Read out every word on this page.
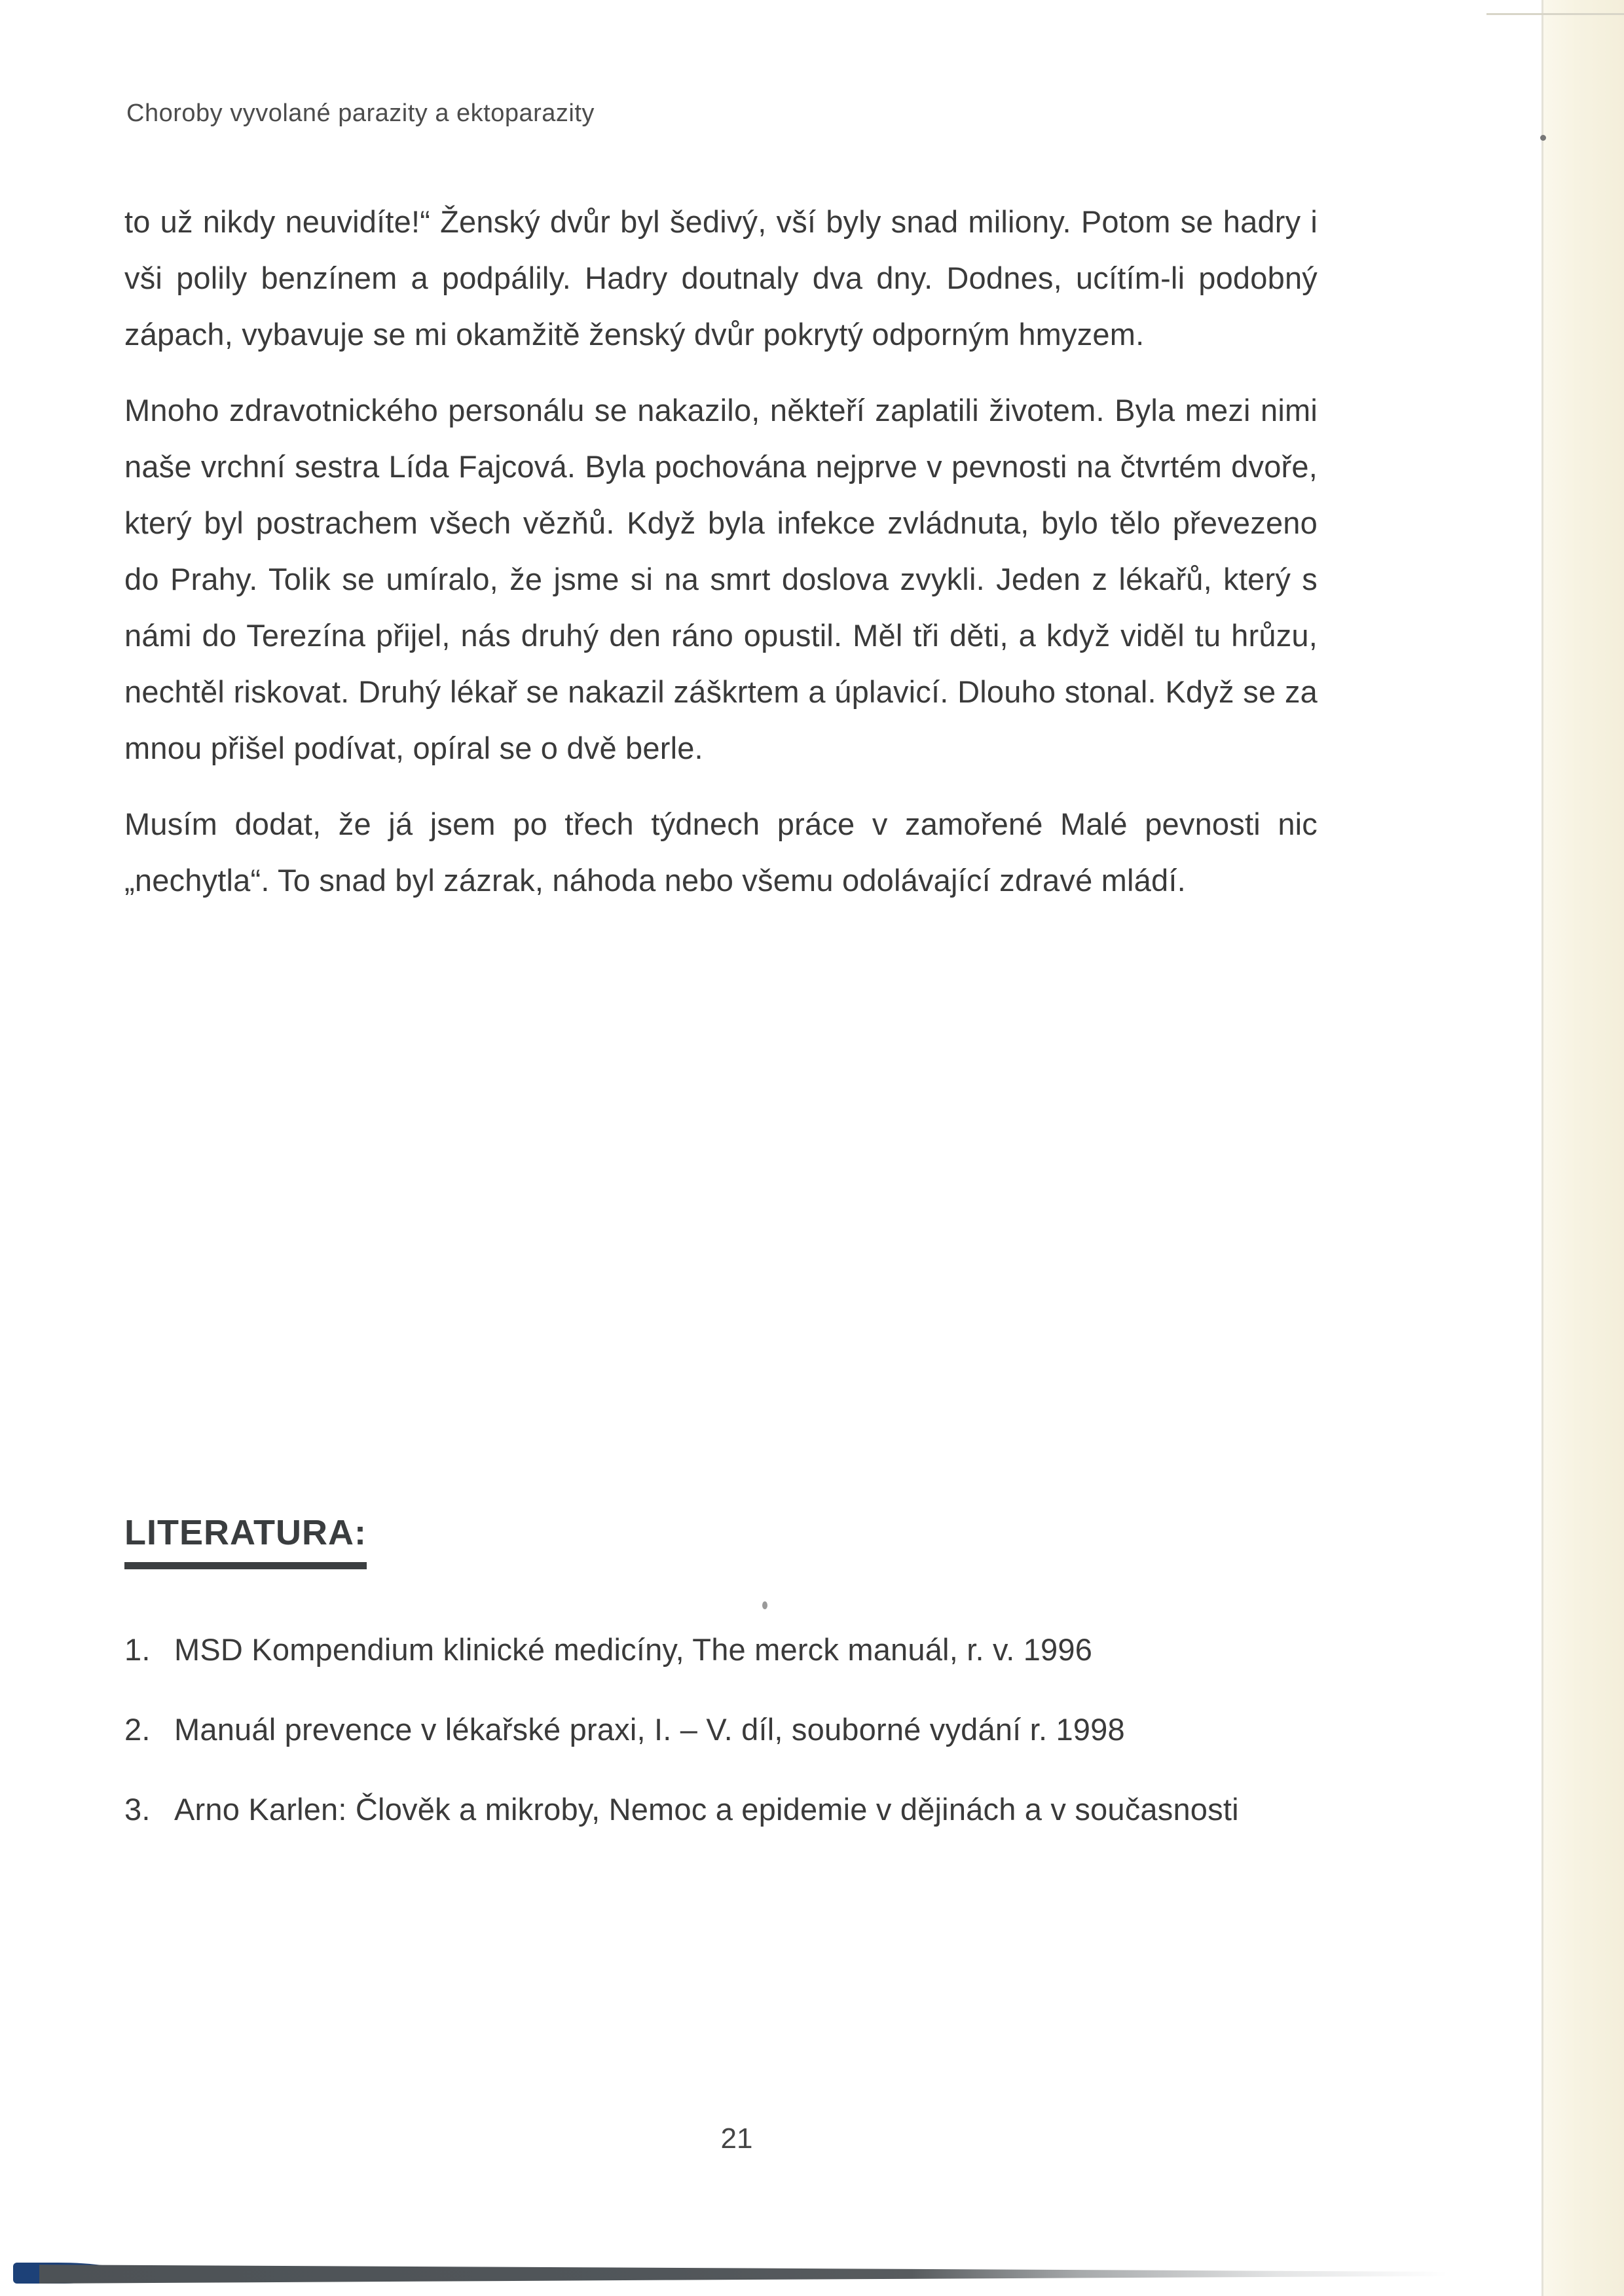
Choroby vyvolané parazity a ektoparazity

to už nikdy neuvidíte!“ Ženský dvůr byl šedivý, vší byly snad miliony. Potom se hadry i vši polily benzínem a podpálily. Hadry doutnaly dva dny. Dodnes, ucítím-li podobný zápach, vybavuje se mi okamžitě ženský dvůr pokrytý odporným hmyzem.

Mnoho zdravotnického personálu se nakazilo, někteří zaplatili životem. Byla mezi nimi naše vrchní sestra Lída Fajcová. Byla pochována nejprve v pevnosti na čtvrtém dvoře, který byl postrachem všech vězňů. Když byla infekce zvládnuta, bylo tělo převezeno do Prahy. Tolik se umíralo, že jsme si na smrt doslova zvykli. Jeden z lékařů, který s námi do Terezína přijel, nás druhý den ráno opustil. Měl tři děti, a když viděl tu hrůzu, nechtěl riskovat. Druhý lékař se nakazil záškrtem a úplavicí. Dlouho stonal. Když se za mnou přišel podívat, opíral se o dvě berle.

Musím dodat, že já jsem po třech týdnech práce v zamořené Malé pevnosti nic „nechytla“. To snad byl zázrak, náhoda nebo všemu odolávající zdravé mládí.

LITERATURA:
1. MSD Kompendium klinické medicíny, The merck manuál, r. v. 1996
2. Manuál prevence v lékařské praxi, I. – V. díl, souborné vydání r. 1998
3. Arno Karlen: Člověk a mikroby, Nemoc a epidemie v dějinách a v současnosti
21
